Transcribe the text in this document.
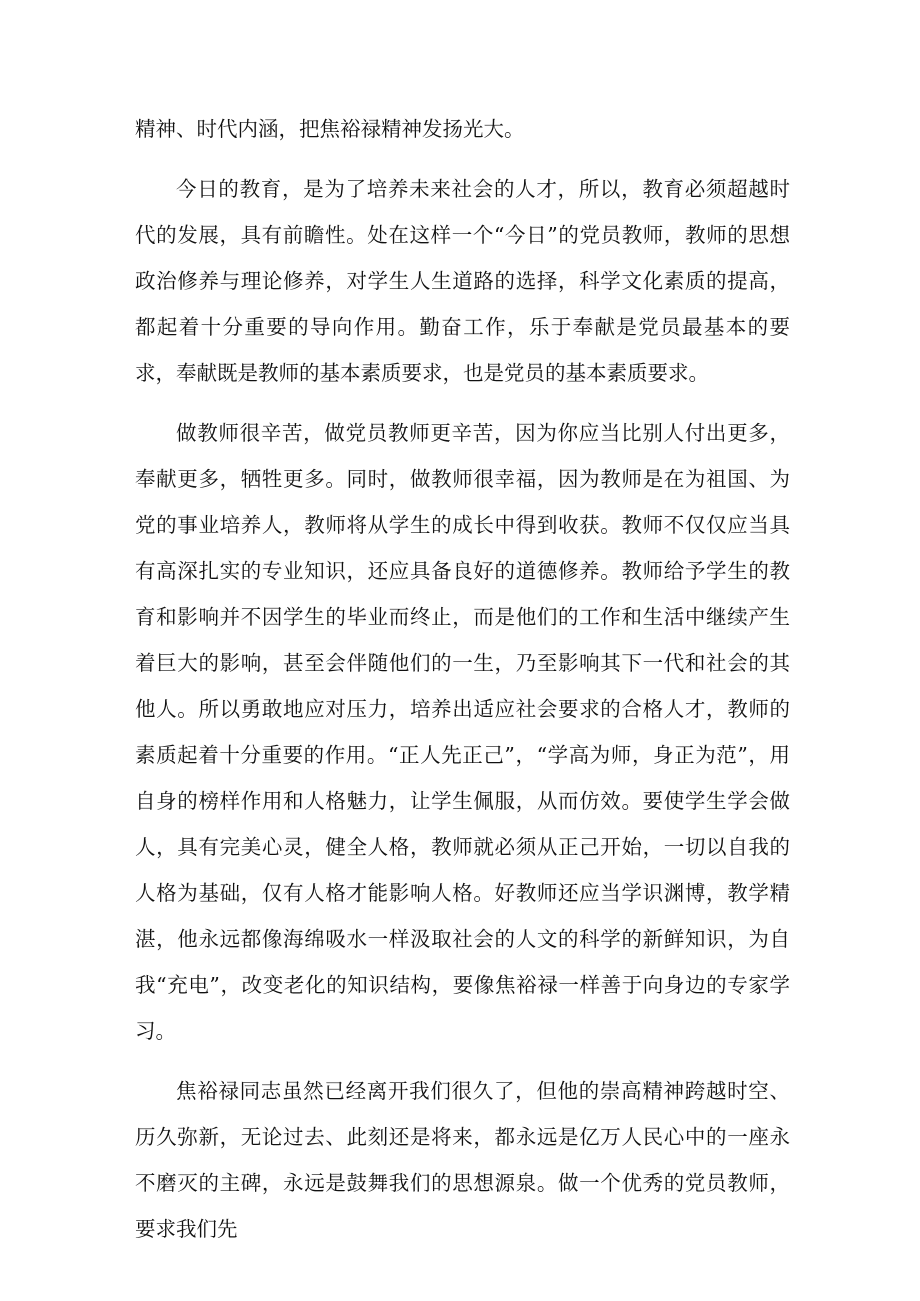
精神、时代内涵，把焦裕禄精神发扬光大。

今日的教育，是为了培养未来社会的人才，所以，教育必须超越时代的发展，具有前瞻性。处在这样一个“今日”的党员教师，教师的思想政治修养与理论修养，对学生人生道路的选择，科学文化素质的提高，都起着十分重要的导向作用。勤奋工作，乐于奉献是党员最基本的要求，奉献既是教师的基本素质要求，也是党员的基本素质要求。

做教师很辛苦，做党员教师更辛苦，因为你应当比别人付出更多，奉献更多，牺牲更多。同时，做教师很幸福，因为教师是在为祖国、为党的事业培养人，教师将从学生的成长中得到收获。教师不仅仅应当具有高深扎实的专业知识，还应具备良好的道德修养。教师给予学生的教育和影响并不因学生的毕业而终止，而是他们的工作和生活中继续产生着巨大的影响，甚至会伴随他们的一生，乃至影响其下一代和社会的其他人。所以勇敢地应对压力，培养出适应社会要求的合格人才，教师的素质起着十分重要的作用。“正人先正己”，“学高为师，身正为范”，用自身的榜样作用和人格魅力，让学生佩服，从而仿效。要使学生学会做人，具有完美心灵，健全人格，教师就必须从正己开始，一切以自我的人格为基础，仅有人格才能影响人格。好教师还应当学识渊博，教学精湛，他永远都像海绵吸水一样汲取社会的人文的科学的新鲜知识，为自我“充电”，改变老化的知识结构，要像焦裕禄一样善于向身边的专家学习。

焦裕禄同志虽然已经离开我们很久了，但他的崇高精神跨越时空、历久弥新，无论过去、此刻还是将来，都永远是亿万人民心中的一座永不磨灭的主碑，永远是鼓舞我们的思想源泉。做一个优秀的党员教师，要求我们先
